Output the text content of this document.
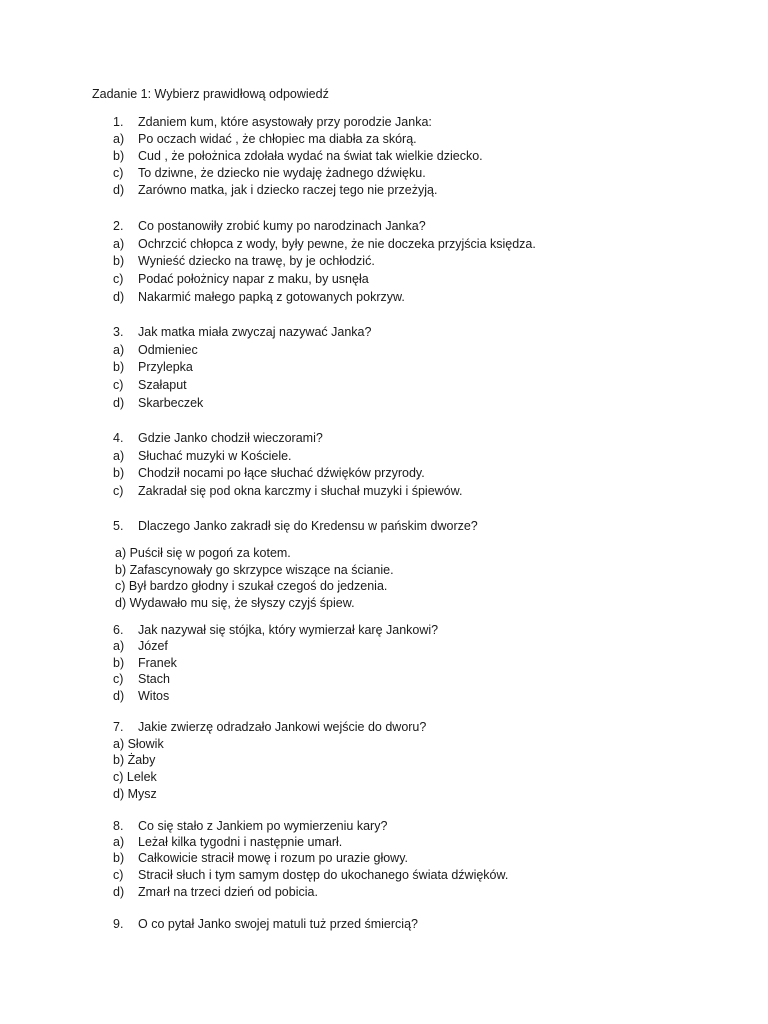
Zadanie 1: Wybierz prawidłową odpowiedź
1. Zdaniem kum, które asystowały przy porodzie Janka:
a) Po oczach widać , że chłopiec ma diabła za skórą.
b) Cud , że położnica zdołała wydać na świat tak wielkie dziecko.
c) To dziwne, że dziecko nie wydaję żadnego dźwięku.
d) Zarówno matka, jak i dziecko raczej tego nie przeżyją.
2. Co postanowiły zrobić kumy po narodzinach Janka?
a) Ochrzcić chłopca z wody, były pewne, że nie doczeka przyjścia księdza.
b) Wynieść dziecko na trawę, by je ochłodzić.
c) Podać położnicy napar z maku, by usnęła
d) Nakarmić małego papką z gotowanych pokrzyw.
3. Jak matka miała zwyczaj nazywać Janka?
a) Odmieniec
b) Przylepka
c) Szałaput
d) Skarbeczek
4. Gdzie Janko chodził wieczorami?
a) Słuchać muzyki w Kościele.
b) Chodził nocami po łące słuchać dźwięków przyrody.
c) Zakradał się pod okna karczmy i słuchał muzyki i śpiewów.
5. Dlaczego Janko zakradł się do Kredensu w pańskim dworze?
a) Puścił się w pogoń za kotem.
b) Zafascynowały go skrzypce wiszące na ścianie.
c) Był bardzo głodny i szukał czegoś do jedzenia.
d) Wydawało mu się, że słyszy czyjś śpiew.
6. Jak nazywał się stójka, który wymierzał karę Jankowi?
a) Józef
b) Franek
c) Stach
d) Witos
7. Jakie zwierzę odradzało Jankowi wejście do dworu?
a) Słowik
b) Żaby
c) Lelek
d) Mysz
8. Co się stało z Jankiem po wymierzeniu kary?
a) Leżał kilka tygodni i następnie umarł.
b) Całkowicie stracił mowę i rozum po urazie głowy.
c) Stracił słuch i tym samym dostęp do ukochanego świata dźwięków.
d) Zmarł na trzeci dzień od pobicia.
9. O co pytał Janko swojej matuli tuż przed śmiercią?
